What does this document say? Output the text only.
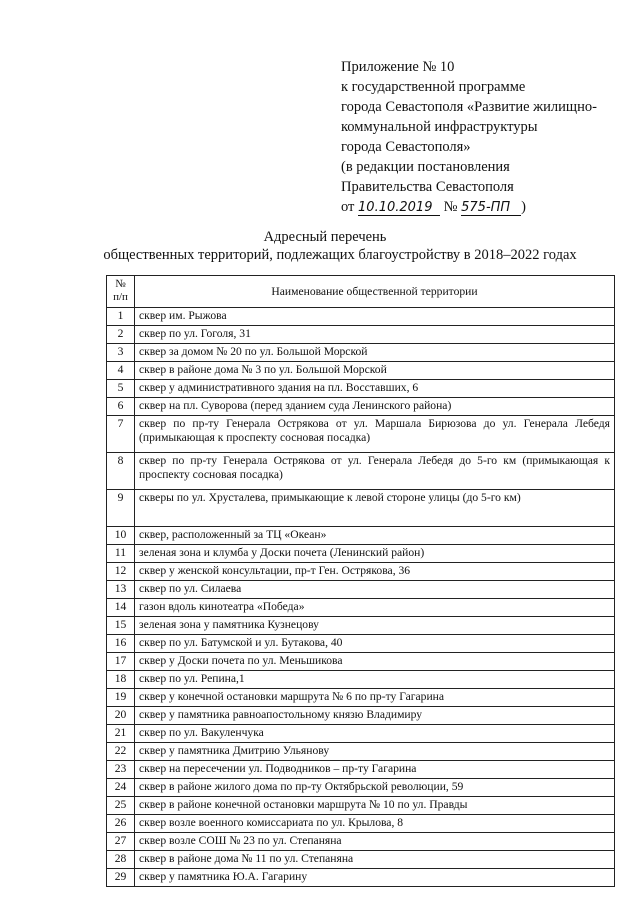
Приложение № 10
к государственной программе
города Севастополя «Развитие жилищно-
коммунальной инфраструктуры
города Севастополя»
(в редакции постановления
Правительства Севастополя
от 10.10.2019 № 575-ПП )
Адресный перечень
общественных территорий, подлежащих благоустройству в 2018–2022 годах
№
п/п	Наименование общественной территории
1	сквер им. Рыжова
2	сквер по ул. Гоголя, 31
3	сквер за домом № 20 по ул. Большой Морской
4	сквер в районе дома № 3 по ул. Большой Морской
5	сквер у административного здания на пл. Восставших, 6
6	сквер на пл. Суворова (перед зданием суда Ленинского района)
7	сквер по пр-ту Генерала Острякова от ул. Маршала Бирюзова до ул. Генерала Лебедя (примыкающая к проспекту сосновая посадка)
8	сквер по пр-ту Генерала Острякова от ул. Генерала Лебедя до 5-го км (примыкающая к проспекту сосновая посадка)
9	скверы по ул. Хрусталева, примыкающие к левой стороне улицы (до 5-го км)
10	сквер, расположенный за ТЦ «Океан»
11	зеленая зона и клумба у Доски почета (Ленинский район)
12	сквер у женской консультации, пр-т Ген. Острякова, 36
13	сквер по ул. Силаева
14	газон вдоль кинотеатра «Победа»
15	зеленая зона у памятника Кузнецову
16	сквер по ул. Батумской и ул. Бутакова, 40
17	сквер у Доски почета по ул. Меньшикова
18	сквер по ул. Репина,1
19	сквер у конечной остановки маршрута № 6 по пр-ту Гагарина
20	сквер у памятника равноапостольному князю Владимиру
21	сквер по ул. Вакуленчука
22	сквер у памятника Дмитрию Ульянову
23	сквер на пересечении ул. Подводников – пр-ту Гагарина
24	сквер в районе жилого дома по пр-ту Октябрьской революции, 59
25	сквер в районе конечной остановки маршрута № 10 по ул. Правды
26	сквер возле военного комиссариата по ул. Крылова, 8
27	сквер возле СОШ № 23 по ул. Степаняна
28	сквер в районе дома № 11 по ул. Степаняна
29	сквер у памятника Ю.А. Гагарину
